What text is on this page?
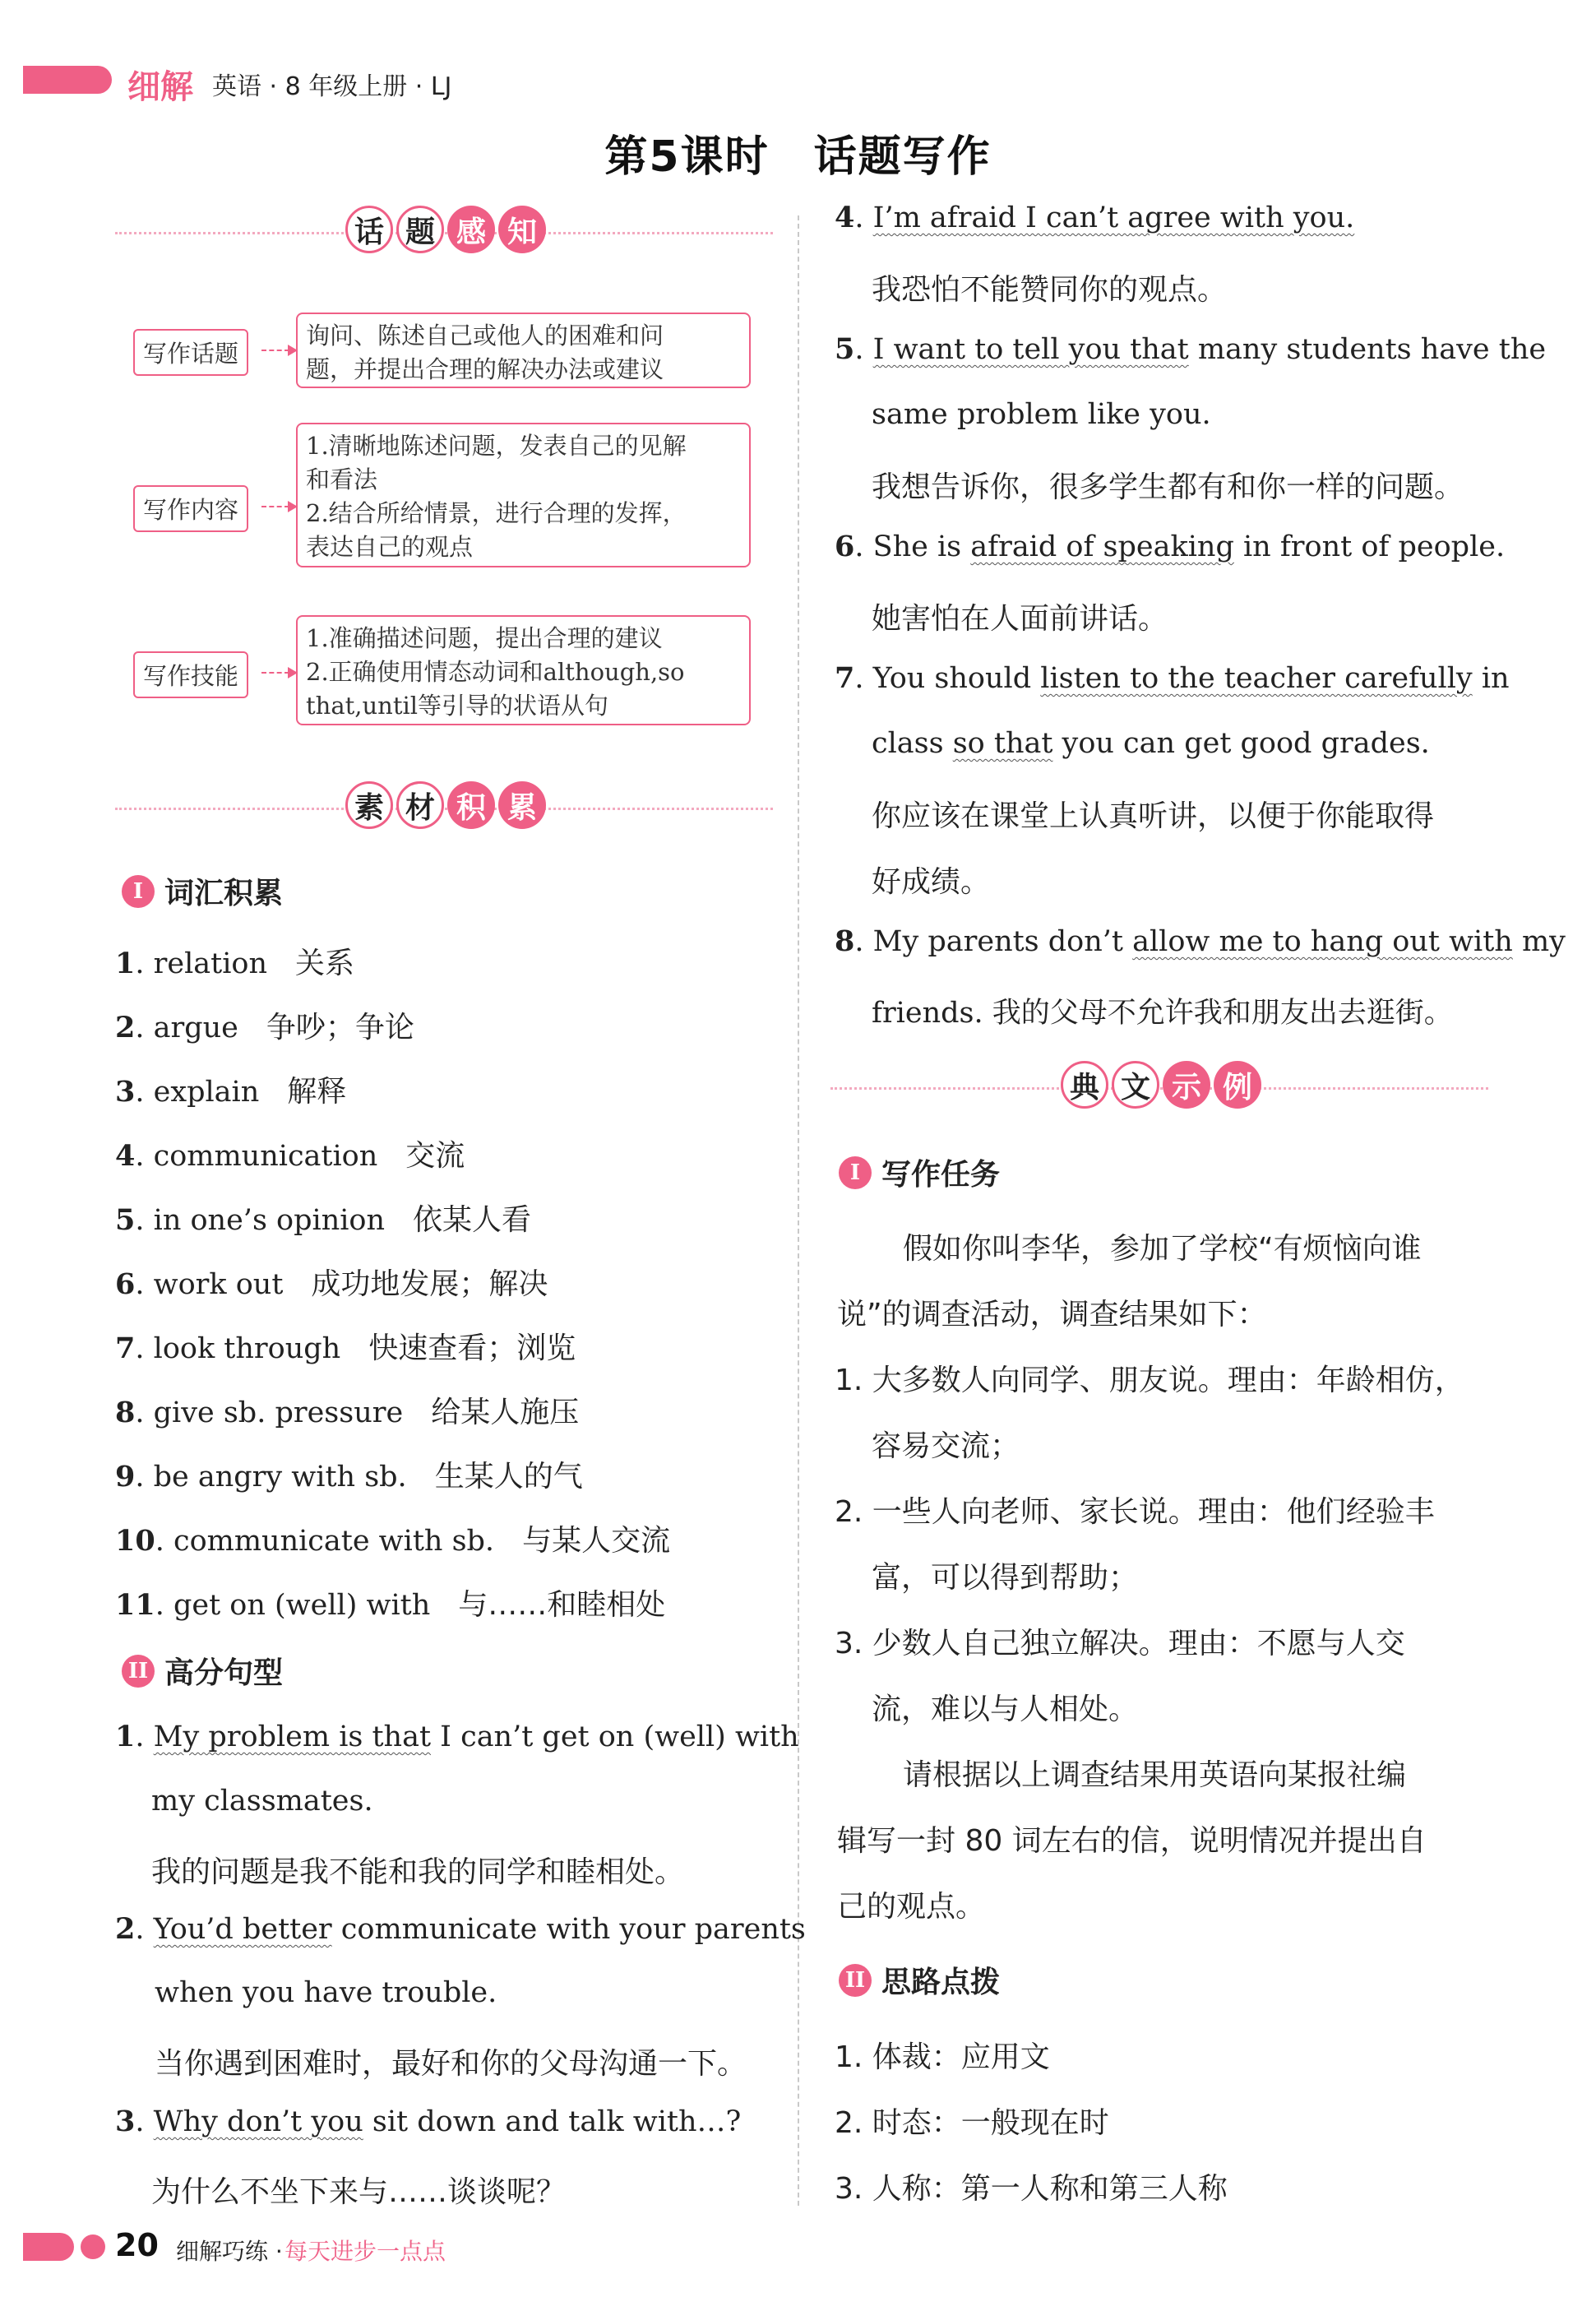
细解 英语 · 8 年级上册 · LJ
第5课时　话题写作
话 题 感 知
写作话题
询问、陈述自己或他人的困难和问
题，并提出合理的解决办法或建议
写作内容
1.清晰地陈述问题，发表自己的见解
和看法
2.结合所给情景，进行合理的发挥，
表达自己的观点
写作技能
1.准确描述问题，提出合理的建议
2.正确使用情态动词和although,so
that,until等引导的状语从句
素 材 积 累
I 词汇积累
1. relation 关系
2. argue 争吵；争论
3. explain 解释
4. communication 交流
5. in one’s opinion 依某人看
6. work out 成功地发展；解决
7. look through 快速查看；浏览
8. give sb. pressure 给某人施压
9. be angry with sb. 生某人的气
10. communicate with sb. 与某人交流
11. get on (well) with 与……和睦相处
II 高分句型
1. My problem is that I can’t get on (well) with
my classmates.
我的问题是我不能和我的同学和睦相处。
2. You’d better communicate with your parents
when you have trouble.
当你遇到困难时，最好和你的父母沟通一下。
3. Why don’t you sit down and talk with…?
为什么不坐下来与……谈谈呢？
4. I’m afraid I can’t agree with you.
我恐怕不能赞同你的观点。
5. I want to tell you that many students have the
same problem like you.
我想告诉你，很多学生都有和你一样的问题。
6. She is afraid of speaking in front of people.
她害怕在人面前讲话。
7. You should listen to the teacher carefully in
class so that you can get good grades.
你应该在课堂上认真听讲，以便于你能取得
好成绩。
8. My parents don’t allow me to hang out with my
friends. 我的父母不允许我和朋友出去逛街。
典 文 示 例
I 写作任务
假如你叫李华，参加了学校“有烦恼向谁
说”的调查活动，调查结果如下：
1. 大多数人向同学、朋友说。理由：年龄相仿，
容易交流；
2. 一些人向老师、家长说。理由：他们经验丰
富，可以得到帮助；
3. 少数人自己独立解决。理由：不愿与人交
流，难以与人相处。
请根据以上调查结果用英语向某报社编
辑写一封 80 词左右的信，说明情况并提出自
己的观点。
II 思路点拨
1. 体裁：应用文
2. 时态：一般现在时
3. 人称：第一人称和第三人称
20 细解巧练 · 每天进步一点点
